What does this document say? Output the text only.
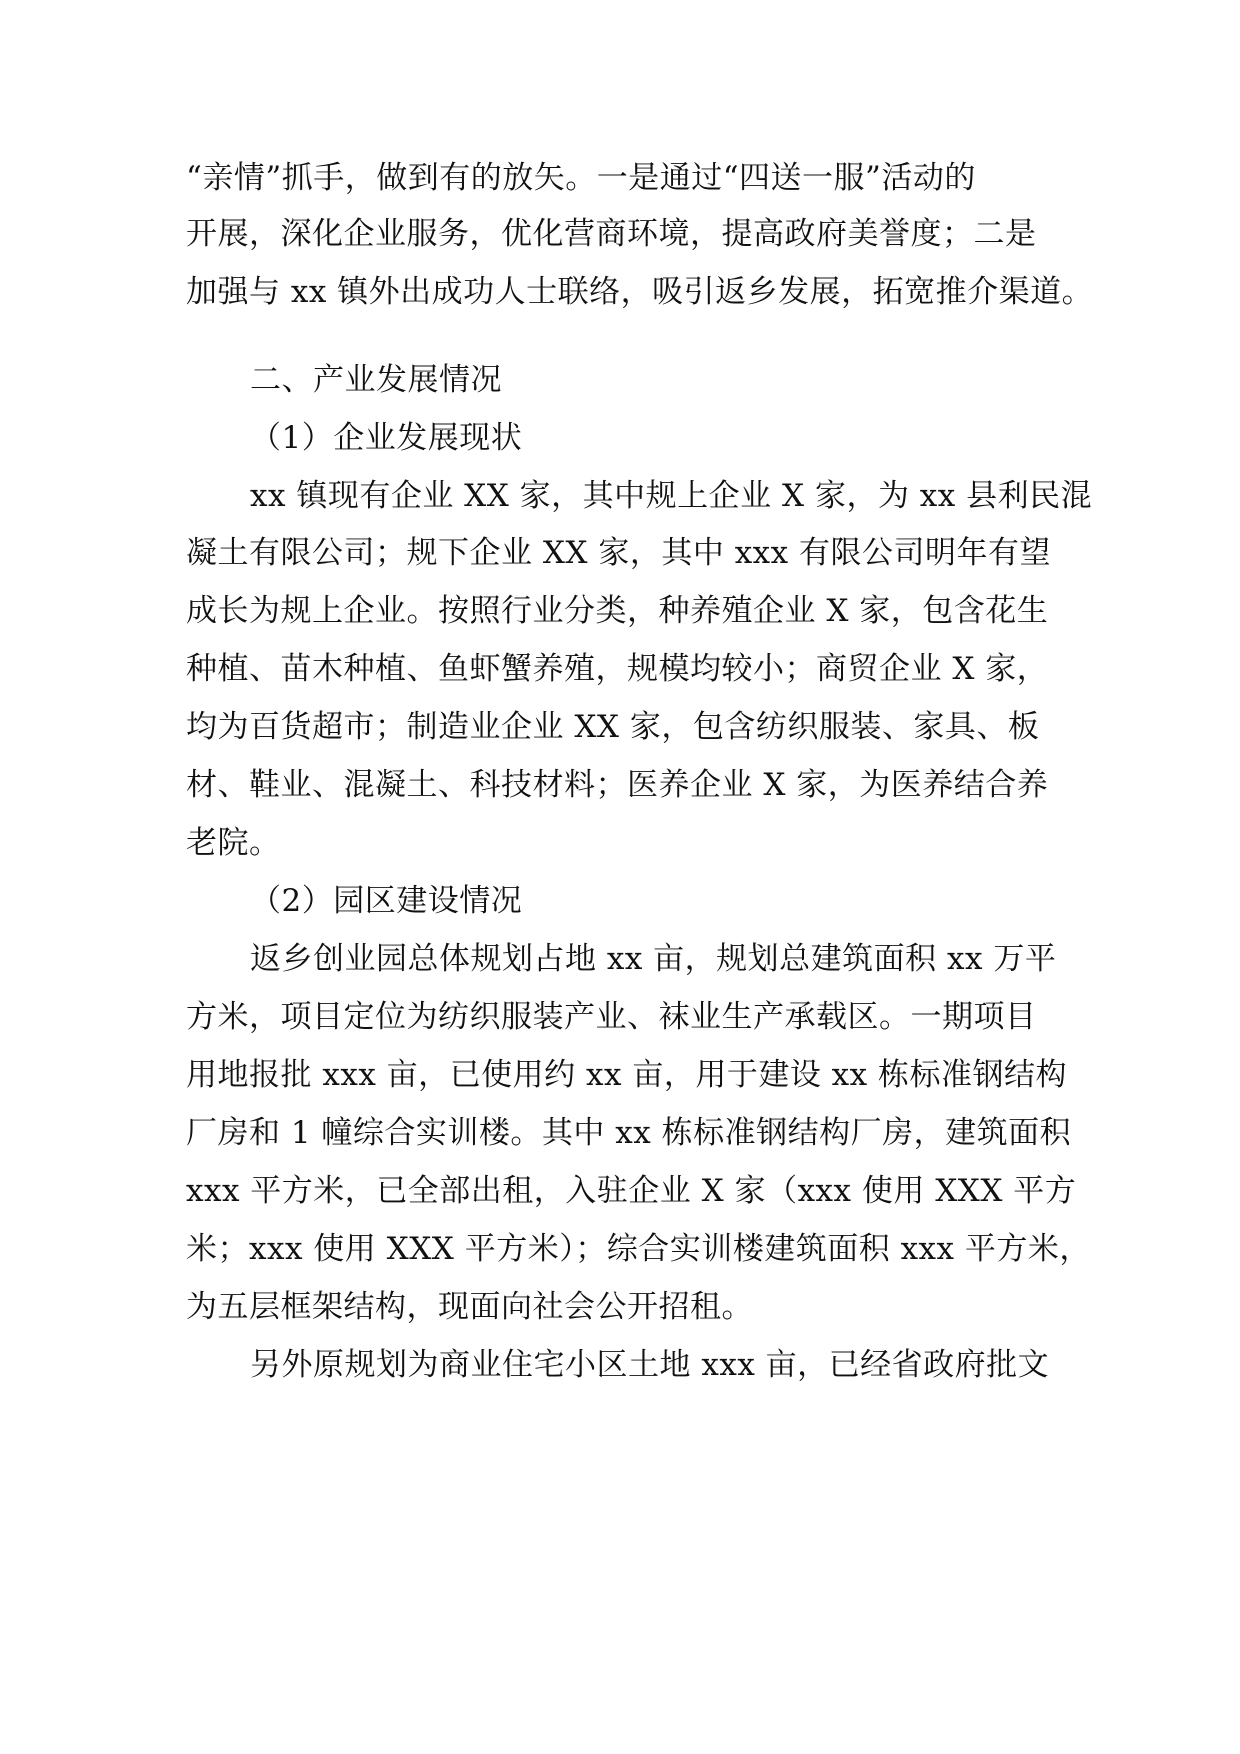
“亲情”抓手，做到有的放矢。一是通过“四送一服”活动的
开展，深化企业服务，优化营商环境，提高政府美誉度；二是
加强与 xx 镇外出成功人士联络，吸引返乡发展，拓宽推介渠道。
二、产业发展情况
（1）企业发展现状
xx 镇现有企业 XX 家，其中规上企业 X 家，为 xx 县利民混
凝土有限公司；规下企业 XX 家，其中 xxx 有限公司明年有望
成长为规上企业。按照行业分类，种养殖企业 X 家，包含花生
种植、苗木种植、鱼虾蟹养殖，规模均较小；商贸企业 X 家，
均为百货超市；制造业企业 XX 家，包含纺织服装、家具、板
材、鞋业、混凝土、科技材料；医养企业 X 家，为医养结合养
老院。
（2）园区建设情况
返乡创业园总体规划占地 xx 亩，规划总建筑面积 xx 万平
方米，项目定位为纺织服装产业、袜业生产承载区。一期项目
用地报批 xxx 亩，已使用约 xx 亩，用于建设 xx 栋标准钢结构
厂房和 1 幢综合实训楼。其中 xx 栋标准钢结构厂房，建筑面积
xxx 平方米，已全部出租，入驻企业 X 家（xxx 使用 XXX 平方
米；xxx 使用 XXX 平方米）；综合实训楼建筑面积 xxx 平方米，
为五层框架结构，现面向社会公开招租。
另外原规划为商业住宅小区土地 xxx 亩，已经省政府批文
